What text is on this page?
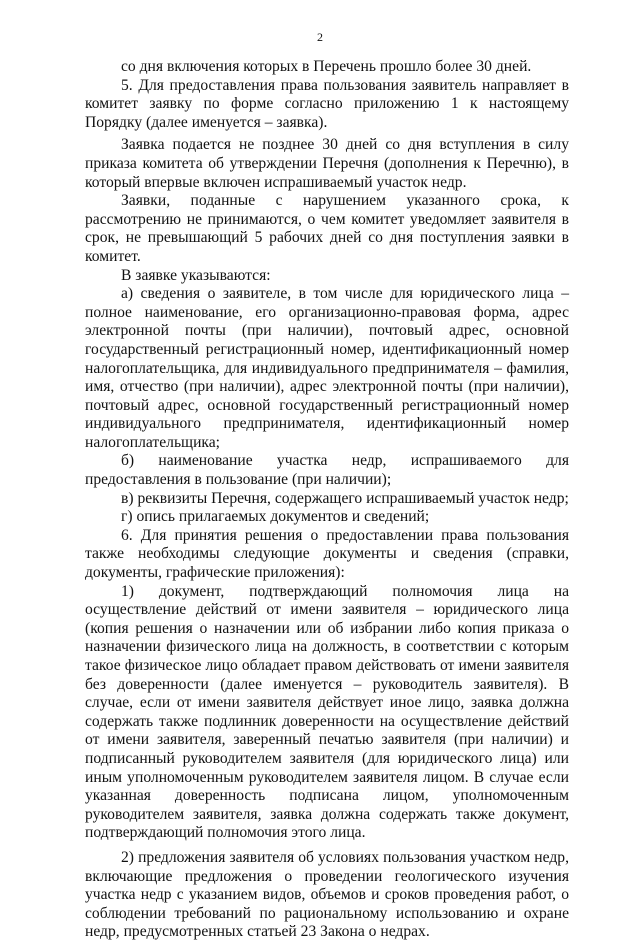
2

со дня включения которых в Перечень прошло более 30 дней.

5. Для предоставления права пользования заявитель направляет в комитет заявку по форме согласно приложению 1 к настоящему Порядку (далее именуется – заявка).

Заявка подается не позднее 30 дней со дня вступления в силу приказа комитета об утверждении Перечня (дополнения к Перечню), в который впервые включен испрашиваемый участок недр.

Заявки, поданные с нарушением указанного срока, к рассмотрению не принимаются, о чем комитет уведомляет заявителя в срок, не превышающий 5 рабочих дней со дня поступления заявки в комитет.

В заявке указываются:

а) сведения о заявителе, в том числе для юридического лица – полное наименование, его организационно-правовая форма, адрес электронной почты (при наличии), почтовый адрес, основной государственный регистрационный номер, идентификационный номер налогоплательщика, для индивидуального предпринимателя – фамилия, имя, отчество (при наличии), адрес электронной почты (при наличии), почтовый адрес, основной государственный регистрационный номер индивидуального предпринимателя, идентификационный номер налогоплательщика;

б) наименование участка недр, испрашиваемого для предоставления в пользование (при наличии);

в) реквизиты Перечня, содержащего испрашиваемый участок недр;

г) опись прилагаемых документов и сведений;

6. Для принятия решения о предоставлении права пользования также необходимы следующие документы и сведения (справки, документы, графические приложения):

1) документ, подтверждающий полномочия лица на осуществление действий от имени заявителя – юридического лица (копия решения о назначении или об избрании либо копия приказа о назначении физического лица на должность, в соответствии с которым такое физическое лицо обладает правом действовать от имени заявителя без доверенности (далее именуется – руководитель заявителя). В случае, если от имени заявителя действует иное лицо, заявка должна содержать также подлинник доверенности на осуществление действий от имени заявителя, заверенный печатью заявителя (при наличии) и подписанный руководителем заявителя (для юридического лица) или иным уполномоченным руководителем заявителя лицом. В случае если указанная доверенность подписана лицом, уполномоченным руководителем заявителя, заявка должна содержать также документ, подтверждающий полномочия этого лица.

2) предложения заявителя об условиях пользования участком недр, включающие предложения о проведении геологического изучения участка недр с указанием видов, объемов и сроков проведения работ, о соблюдении требований по рациональному использованию и охране недр, предусмотренных статьей 23 Закона о недрах.
